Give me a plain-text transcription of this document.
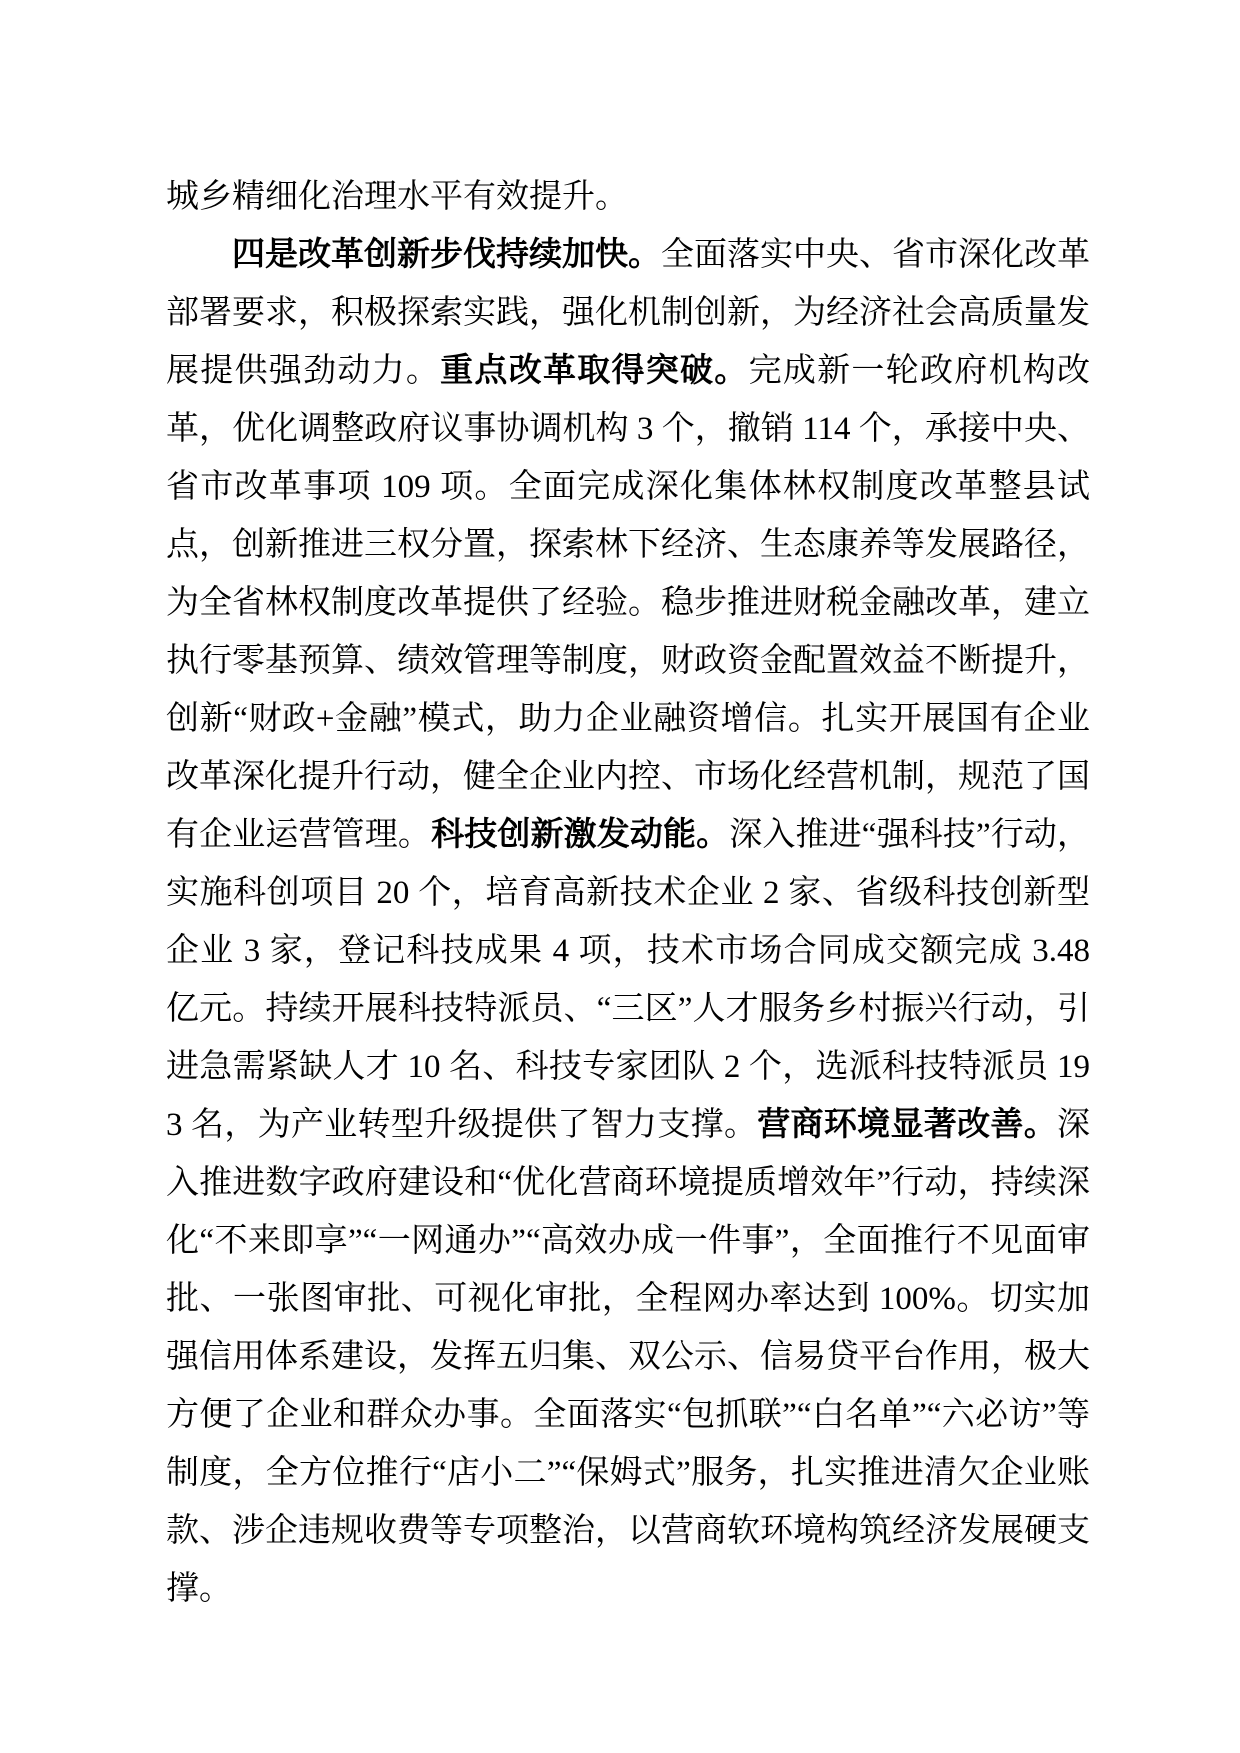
城乡精细化治理水平有效提升。

四是改革创新步伐持续加快。全面落实中央、省市深化改革部署要求，积极探索实践，强化机制创新，为经济社会高质量发展提供强劲动力。重点改革取得突破。完成新一轮政府机构改革，优化调整政府议事协调机构 3 个，撤销 114 个，承接中央、省市改革事项 109 项。全面完成深化集体林权制度改革整县试点，创新推进三权分置，探索林下经济、生态康养等发展路径，为全省林权制度改革提供了经验。稳步推进财税金融改革，建立执行零基预算、绩效管理等制度，财政资金配置效益不断提升，创新“财政+金融”模式，助力企业融资增信。扎实开展国有企业改革深化提升行动，健全企业内控、市场化经营机制，规范了国有企业运营管理。科技创新激发动能。深入推进“强科技”行动，实施科创项目 20 个，培育高新技术企业 2 家、省级科技创新型企业 3 家，登记科技成果 4 项，技术市场合同成交额完成 3.48 亿元。持续开展科技特派员、“三区”人才服务乡村振兴行动，引进急需紧缺人才 10 名、科技专家团队 2 个，选派科技特派员 193 名，为产业转型升级提供了智力支撑。营商环境显著改善。深入推进数字政府建设和“优化营商环境提质增效年”行动，持续深化“不来即享”“一网通办”“高效办成一件事”，全面推行不见面审批、一张图审批、可视化审批，全程网办率达到 100%。切实加强信用体系建设，发挥五归集、双公示、信易贷平台作用，极大方便了企业和群众办事。全面落实“包抓联”“白名单”“六必访”等制度，全方位推行“店小二”“保姆式”服务，扎实推进清欠企业账款、涉企违规收费等专项整治，以营商软环境构筑经济发展硬支撑。
